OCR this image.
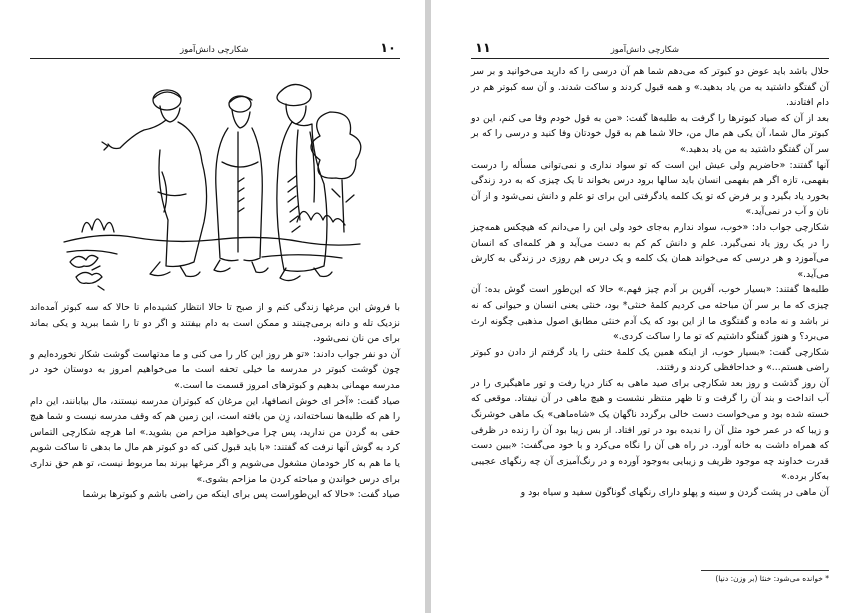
۱۰
شکارچی دانش‌آموز

با فروش این مرغها زندگی کنم و از صبح تا حالا انتظار کشیده‌ام تا حالا که سه کبوتر آمده‌اند نزدیک تله و دانه برمی‌چینند و ممکن است به دام بیفتند و اگر دو تا را شما ببرید و یکی بماند برای من نان نمی‌شود.

آن دو نفر جواب دادند: «تو هر روز این کار را می کنی و ما مدتهاست گوشت شکار نخورده‌ایم و چون گوشت کبوتر در مدرسه ما خیلی تحفه است ما می‌خواهیم امروز به دوستان خود در مدرسه مهمانی بدهیم و کبوترهای امروز قسمت ما است.»

صیاد گفت: «آخر ای خوش انصافها، این مرغان که کبوتران مدرسه نیستند، مال بیابانند، این دام را هم که طلبه‌ها نساخته‌اند، زِن من بافته است، این زمین هم که وقف مدرسه نیست و شما هیچ حقی به گردن من ندارید، پس چرا می‌خواهید مزاحم من بشوید.» اما هرچه شکارچی التماس کرد به گوش آنها نرفت که گفتند: «با باید قبول کنی که دو کبوتر هم مال ما بدهی تا ساکت شویم یا ما هم به کار خودمان مشغول می‌شویم و اگر مرغها بپرند بما مربوط نیست، تو هم حق نداری برای درس خواندن و مباحثه کردن ما مزاحم بشوی.»

صیاد گفت: «حالا که این‌طوراست پس برای اینکه من راضی باشم و کبوترها برشما

۱۱	شکارچی دانش‌آموز

حلال باشد باید عوض دو کبوتر که می‌دهم شما هم آن درسی را که دارید می‌خوانید و بر سر آن گفتگو داشتید به من یاد بدهید.» و همه قبول کردند و ساکت شدند. و آن سه کبوتر هم در دام افتادند.

بعد از آن که صیاد کبوترها را گرفت به طلبه‌ها گفت: «من به قول خودم وفا می کنم، این دو کبوتر مال شما، آن یکی هم مال من، حالا شما هم به قول خودتان وفا کنید و درسی را که بر سر آن گفتگو داشتید به من یاد بدهید.»

آنها گفتند: «حاضریم ولی عیش این است که تو سواد نداری و نمی‌توانی مسأله را درست بفهمی، تازه اگر هم بفهمی انسان باید سالها برود درس بخواند تا یک چیزی که به درد زندگی بخورد یاد بگیرد و بر فرض که تو یک کلمه یادگرفتی این برای تو علم و دانش نمی‌شود و از آن نان و آب در نمی‌آید.»

شکارچی جواب داد: «خوب، سواد ندارم به‌جای خود ولی این را می‌دانم که هیچکس همه‌چیز را در یک روز یاد نمی‌گیرد. علم و دانش کم کم به دست می‌آید و هر کلمه‌ای که انسان می‌آموزد و هر درسی که می‌خواند همان یک کلمه و یک درس هم روزی در زندگی به کارش می‌آید.»

طلبه‌ها گفتند: «بسیار خوب، آفرین بر آدم چیز فهم.» حالا که این‌طور است گوش بده: آن چیزی که ما بر سر آن مباحثه می کردیم کلمهٔ خنثی* بود، خنثی یعنی انسان و حیوانی که نه نر باشد و نه ماده و گفتگوی ما از این بود که یک آدم خنثی مطابق اصول مذهبی چگونه ارث می‌برد؟ و هنوز گفتگو داشتیم که تو ما را ساکت کردی.»

شکارچی گفت: «بسیار خوب، از اینکه همین یک کلمهٔ خنثی را یاد گرفتم از دادن دو کبوتر راضی هستم...» و خداحافظی کردند و رفتند.

آن روز گذشت و روز بعد شکارچی برای صید ماهی به کنار دریا رفت و تور ماهیگیری را در آب انداخت و بند آن را گرفت و تا ظهر منتظر نشست و هیچ ماهی در آن نیفتاد. موقعی که خسته شده بود و می‌خواست دست خالی برگردد ناگهان یک «شاه‌ماهی» یک ماهی خوشرنگ و زیبا که در عمر خود مثل آن را ندیده بود در تور افتاد. از بس زیبا بود آن را زنده در ظرفی که همراه داشت به خانه آورد. در راه هی آن را نگاه می‌کرد و با خود می‌گفت: «بیین دست قدرت خداوند چه موجود ظریف و زیبایی به‌وجود آورده و در رنگ‌آمیزی آن چه رنگهای عجیبی به‌کار برده.»

آن ماهی در پشت گردن و سینه و پهلو دارای رنگهای گوناگون سفید و سیاه بود و

* خوانده می‌شود: خنثا (بر وزن: دنیا)
